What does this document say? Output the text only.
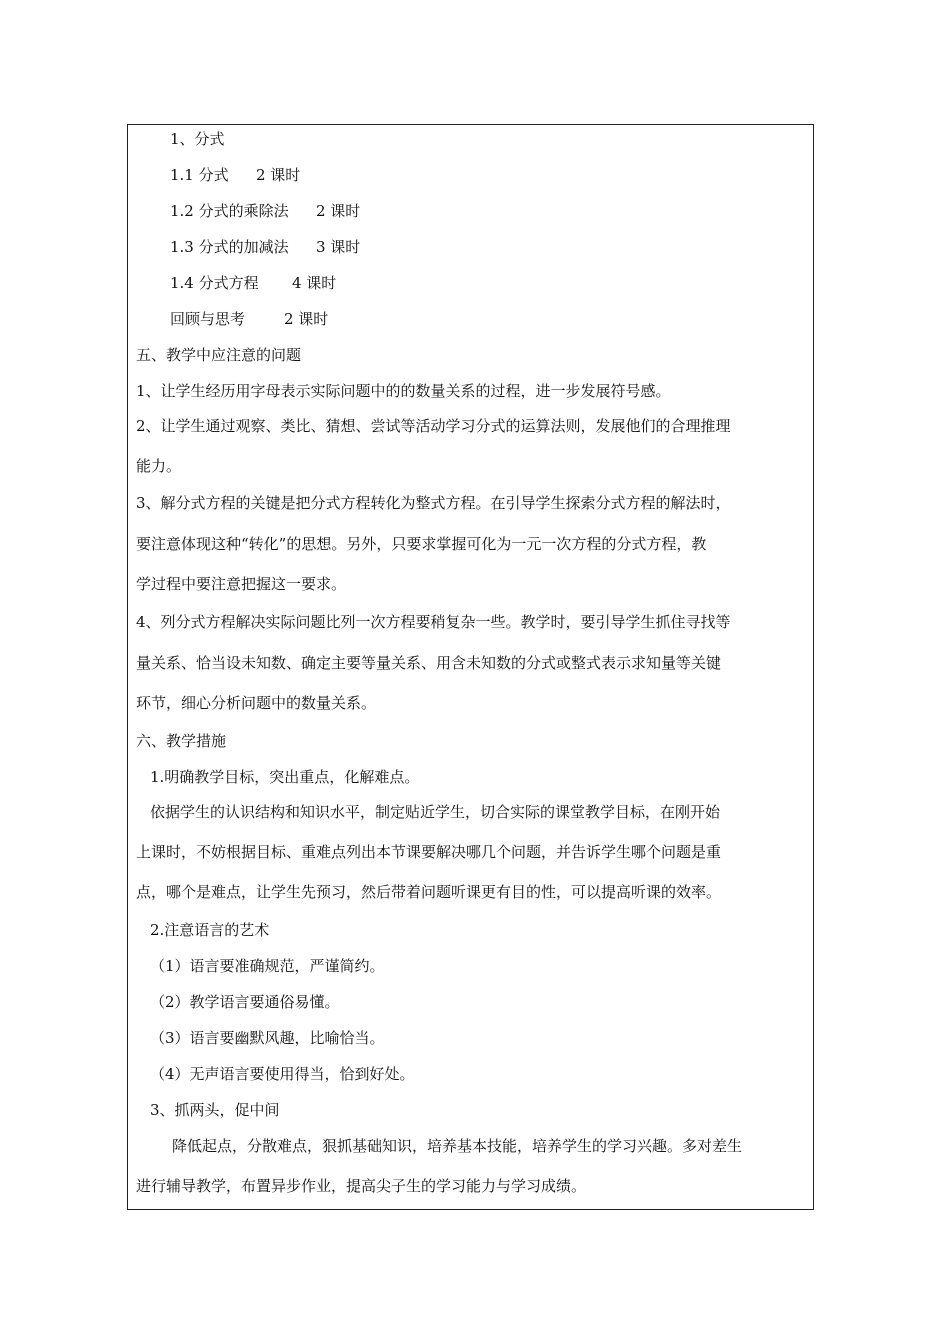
1、分式
1.1 分式 2 课时
1.2 分式的乘除法 2 课时
1.3 分式的加减法 3 课时
1.4 分式方程 4 课时
回顾与思考	2 课时
五、教学中应注意的问题
1、让学生经历用字母表示实际问题中的的数量关系的过程，进一步发展符号感。
2、让学生通过观察、类比、猜想、尝试等活动学习分式的运算法则，发展他们的合理推理
能力。
3、解分式方程的关键是把分式方程转化为整式方程。在引导学生探索分式方程的解法时，
要注意体现这种“转化”的思想。另外，只要求掌握可化为一元一次方程的分式方程，教
学过程中要注意把握这一要求。
4、列分式方程解决实际问题比列一次方程要稍复杂一些。教学时，要引导学生抓住寻找等
量关系、恰当设未知数、确定主要等量关系、用含未知数的分式或整式表示求知量等关键
环节，细心分析问题中的数量关系。
六、教学措施
1.明确教学目标，突出重点，化解难点。
依据学生的认识结构和知识水平，制定贴近学生，切合实际的课堂教学目标，在刚开始
上课时，不妨根据目标、重难点列出本节课要解决哪几个问题，并告诉学生哪个问题是重
点，哪个是难点，让学生先预习，然后带着问题听课更有目的性，可以提高听课的效率。
2.注意语言的艺术
（1）语言要准确规范，严谨简约。
（2）教学语言要通俗易懂。
（3）语言要幽默风趣，比喻恰当。
（4）无声语言要使用得当，恰到好处。
3、抓两头，促中间
降低起点，分散难点，狠抓基础知识，培养基本技能，培养学生的学习兴趣。多对差生
进行辅导教学，布置异步作业，提高尖子生的学习能力与学习成绩。
